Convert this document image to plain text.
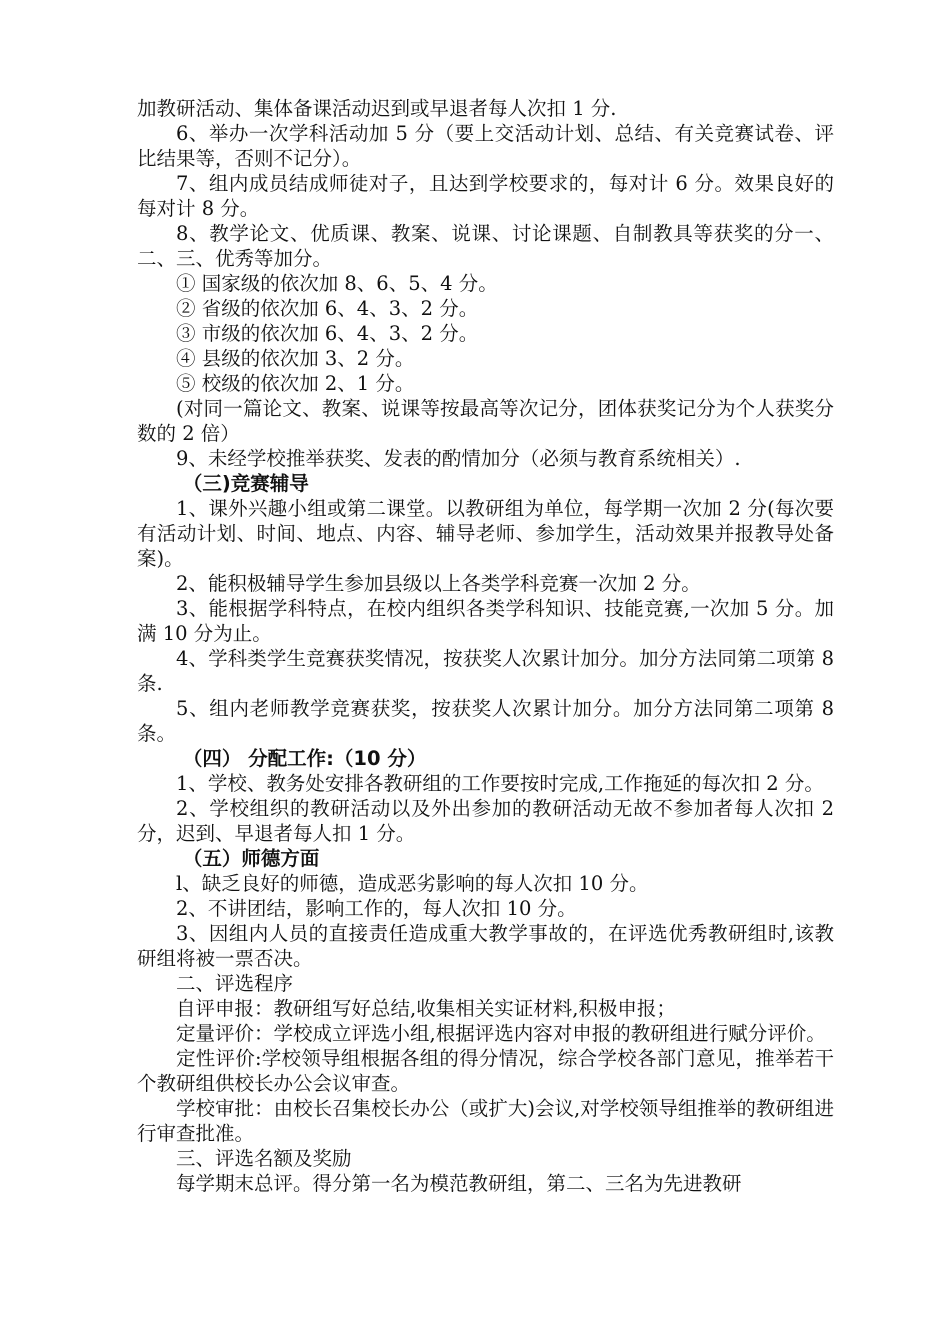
加教研活动、集体备课活动迟到或早退者每人次扣 1 分.

6、举办一次学科活动加 5 分（要上交活动计划、总结、有关竞赛试卷、评比结果等，否则不记分）。

7、组内成员结成师徒对子，且达到学校要求的，每对计 6 分。效果良好的每对计 8 分。

8、教学论文、优质课、教案、说课、讨论课题、自制教具等获奖的分一、二、三、优秀等加分。

① 国家级的依次加 8、6、5、4 分。

② 省级的依次加 6、4、3、2 分。

③ 市级的依次加 6、4、3、2 分。

④ 县级的依次加 3、2 分。

⑤ 校级的依次加 2、1 分。

(对同一篇论文、教案、说课等按最高等次记分，团体获奖记分为个人获奖分数的 2 倍）

9、未经学校推举获奖、发表的酌情加分（必须与教育系统相关）.

（三)竞赛辅导

1、课外兴趣小组或第二课堂。以教研组为单位，每学期一次加 2 分(每次要有活动计划、时间、地点、内容、辅导老师、参加学生，活动效果并报教导处备案)。

2、能积极辅导学生参加县级以上各类学科竞赛一次加 2 分。

3、能根据学科特点，在校内组织各类学科知识、技能竞赛,一次加 5 分。加满 10 分为止。

4、学科类学生竞赛获奖情况，按获奖人次累计加分。加分方法同第二项第 8 条.

5、组内老师教学竞赛获奖，按获奖人次累计加分。加分方法同第二项第 8 条。

（四） 分配工作:（10 分）

1、学校、教务处安排各教研组的工作要按时完成,工作拖延的每次扣 2 分。

2、学校组织的教研活动以及外出参加的教研活动无故不参加者每人次扣 2 分，迟到、早退者每人扣 1 分。

（五）师德方面

l、缺乏良好的师德，造成恶劣影响的每人次扣 10 分。

2、不讲团结，影响工作的，每人次扣 10 分。

3、因组内人员的直接责任造成重大教学事故的，在评选优秀教研组时,该教研组将被一票否决。

二、评选程序

自评申报：教研组写好总结,收集相关实证材料,积极申报；

定量评价：学校成立评选小组,根据评选内容对申报的教研组进行赋分评价。

定性评价:学校领导组根据各组的得分情况，综合学校各部门意见，推举若干个教研组供校长办公会议审查。

学校审批：由校长召集校长办公（或扩大)会议,对学校领导组推举的教研组进行审查批准。

三、评选名额及奖励

每学期末总评。得分第一名为模范教研组，第二、三名为先进教研
